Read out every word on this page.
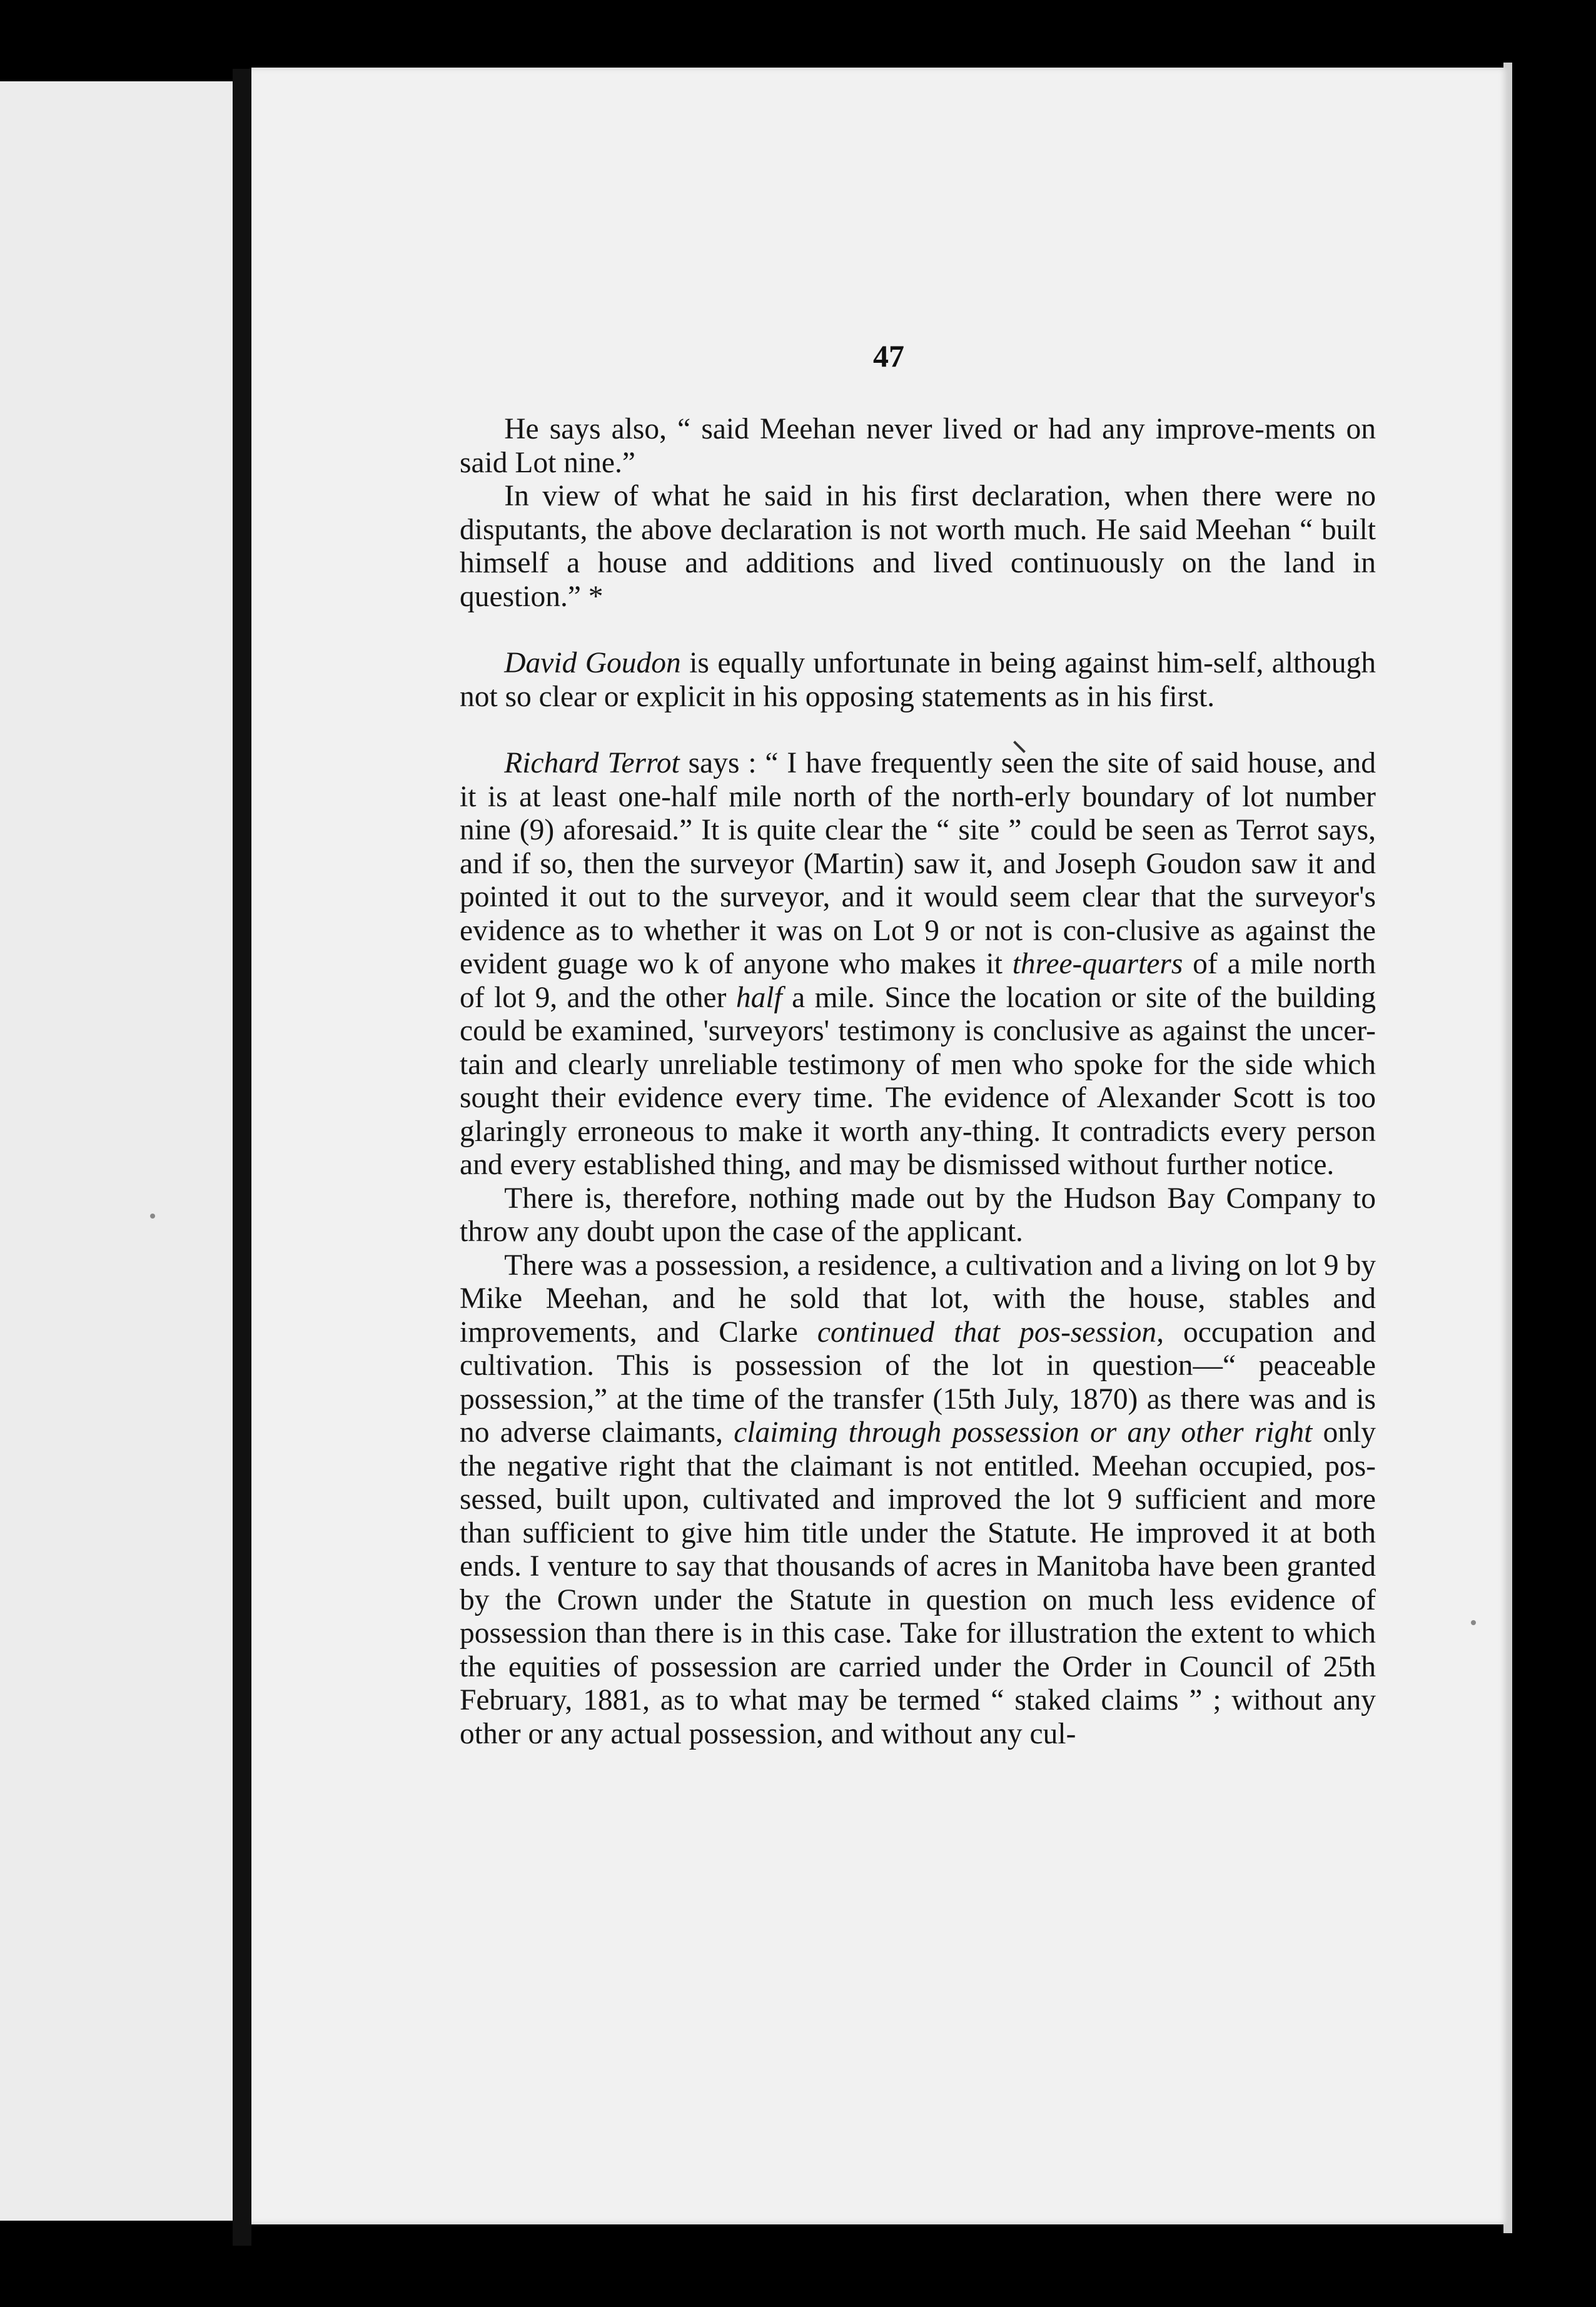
47

He says also, “ said Meehan never lived or had any improve-ments on said Lot nine.”

In view of what he said in his first declaration, when there were no disputants, the above declaration is not worth much. He said Meehan “ built himself a house and additions and lived continuously on the land in question.” *

David Goudon is equally unfortunate in being against him-self, although not so clear or explicit in his opposing statements as in his first.

Richard Terrot says : “ I have frequently seen the site of said house, and it is at least one-half mile north of the north-erly boundary of lot number nine (9) aforesaid.” It is quite clear the “ site ” could be seen as Terrot says, and if so, then the surveyor (Martin) saw it, and Joseph Goudon saw it and pointed it out to the surveyor, and it would seem clear that the surveyor's evidence as to whether it was on Lot 9 or not is con-clusive as against the evident guage wo k of anyone who makes it three-quarters of a mile north of lot 9, and the other half a mile. Since the location or site of the building could be examined, 'surveyors' testimony is conclusive as against the uncer-tain and clearly unreliable testimony of men who spoke for the side which sought their evidence every time. The evidence of Alexander Scott is too glaringly erroneous to make it worth any-thing. It contradicts every person and every established thing, and may be dismissed without further notice.

There is, therefore, nothing made out by the Hudson Bay Company to throw any doubt upon the case of the applicant.

There was a possession, a residence, a cultivation and a living on lot 9 by Mike Meehan, and he sold that lot, with the house, stables and improvements, and Clarke continued that pos-session, occupation and cultivation. This is possession of the lot in question—“ peaceable possession,” at the time of the transfer (15th July, 1870) as there was and is no adverse claimants, claiming through possession or any other right only the negative right that the claimant is not entitled. Meehan occupied, pos-sessed, built upon, cultivated and improved the lot 9 sufficient and more than sufficient to give him title under the Statute. He improved it at both ends. I venture to say that thousands of acres in Manitoba have been granted by the Crown under the Statute in question on much less evidence of possession than there is in this case. Take for illustration the extent to which the equities of possession are carried under the Order in Council of 25th February, 1881, as to what may be termed “ staked claims ” ; without any other or any actual possession, and without any cul-
